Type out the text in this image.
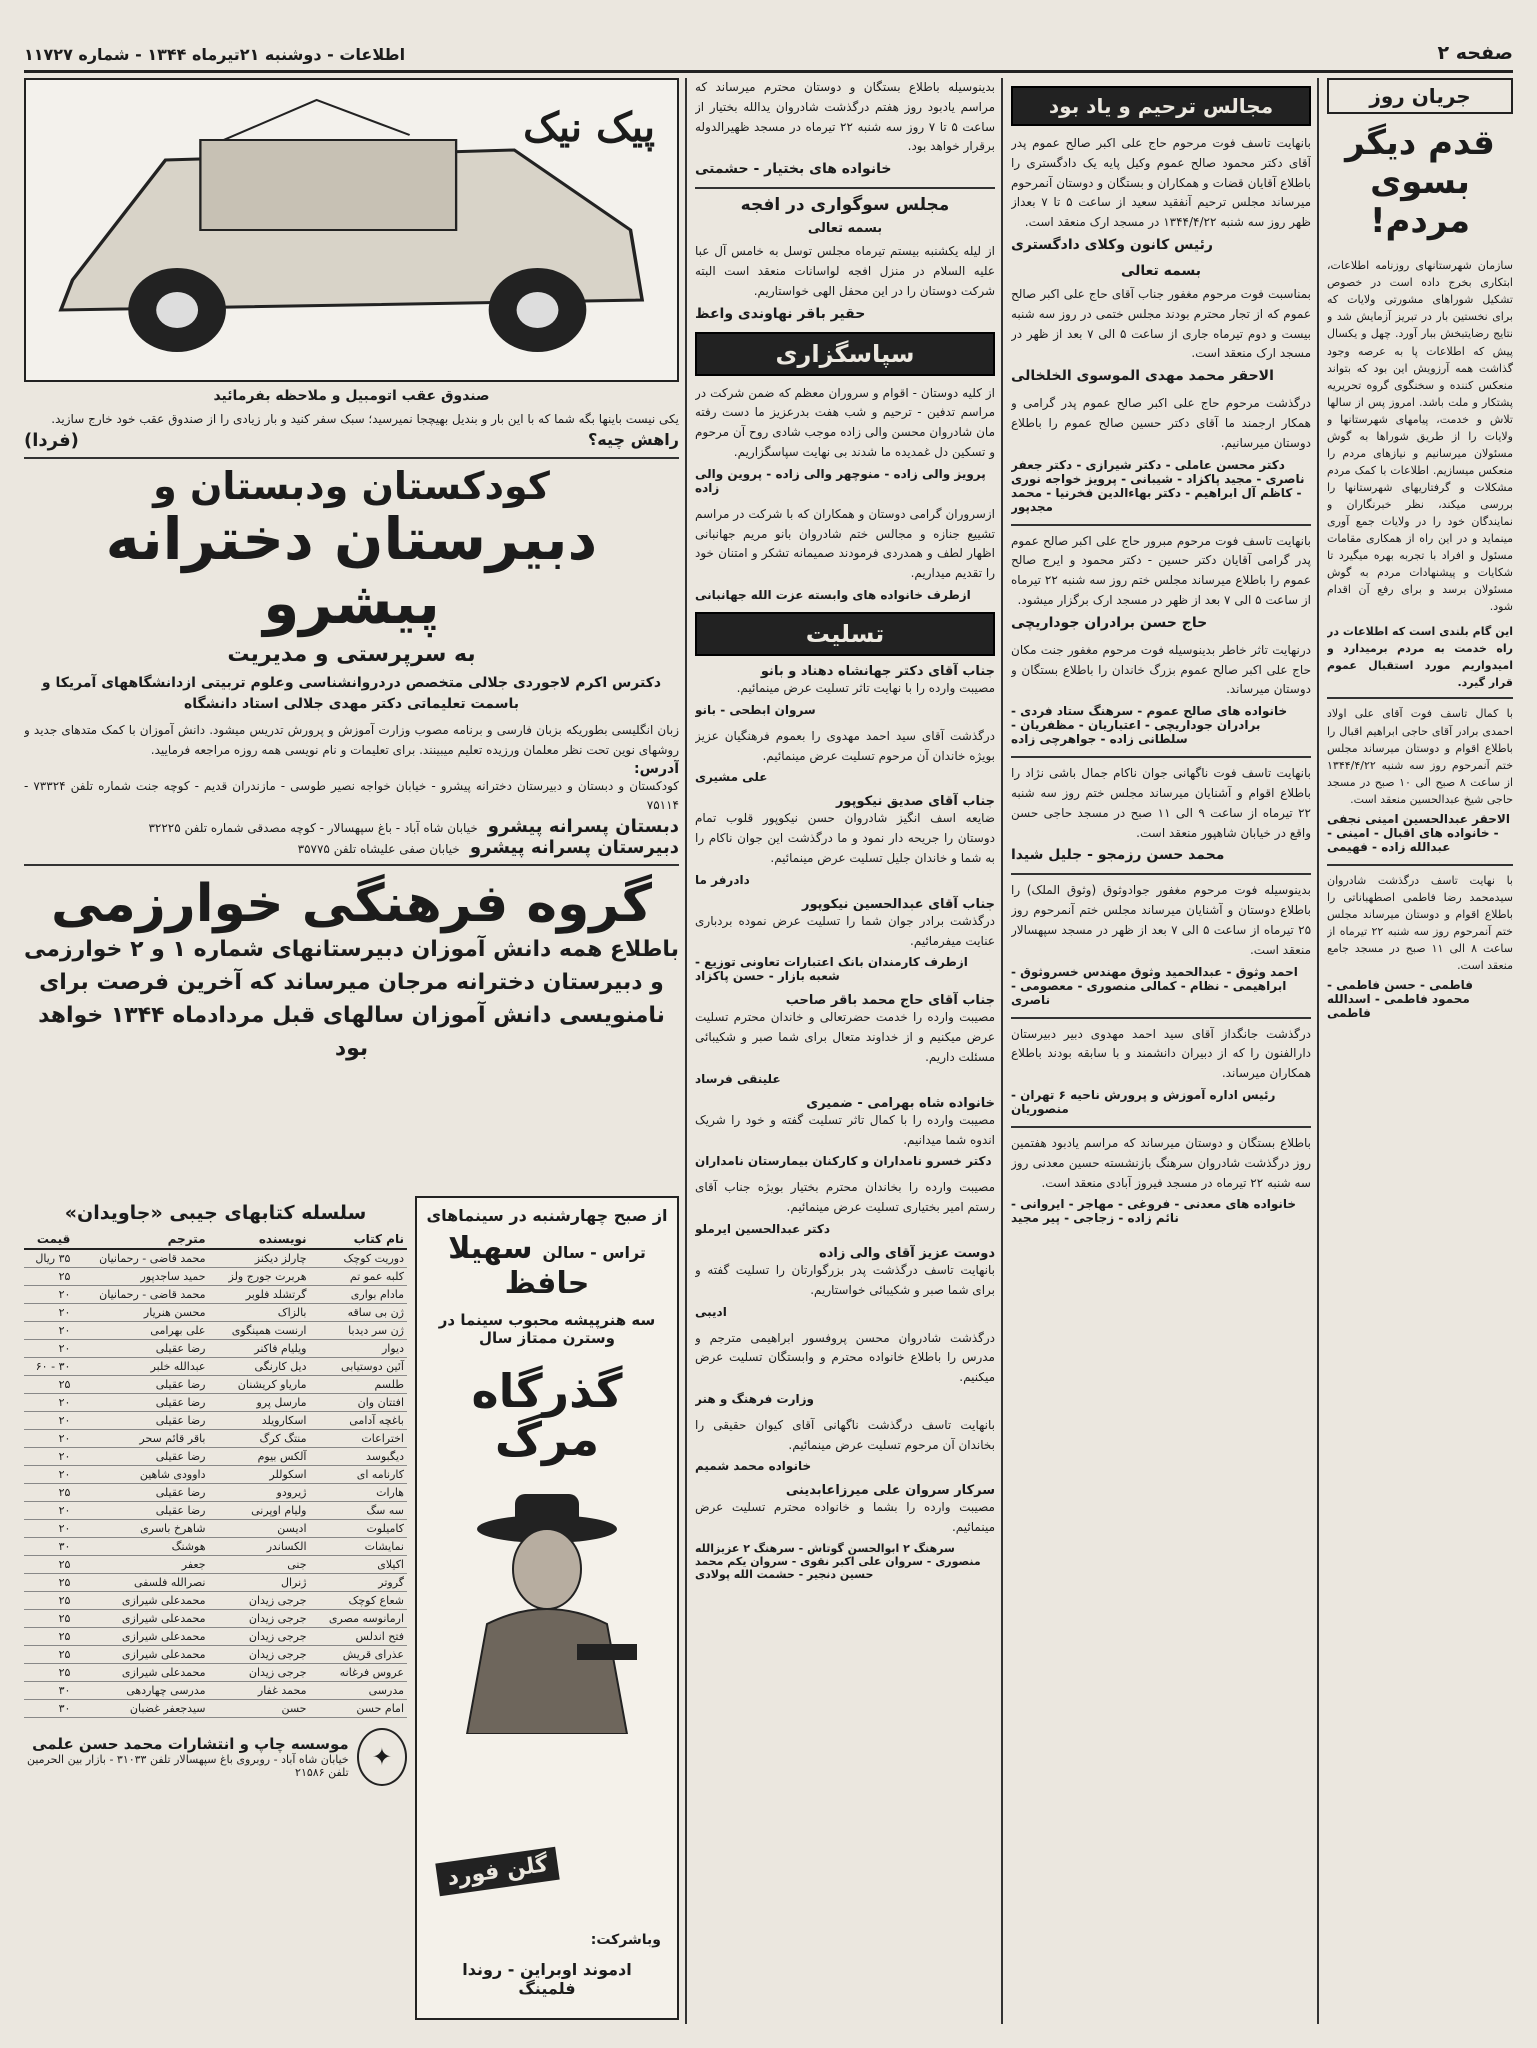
صفحه ۲
اطلاعات - دوشنبه ۲۱تیرماه ۱۳۴۴ - شماره ۱۱۷۲۷
جریان روز
قدم دیگر بسوی مردم!
سازمان شهرستانهای روزنامه اطلاعات، ابتکاری بخرج داده است در خصوص تشکیل شوراهای مشورتی ولایات که برای نخستین بار در تبریز آزمایش شد و نتایج رضایتبخش ببار آورد. چهل و یکسال پیش که اطلاعات پا به عرصه وجود گذاشت همه آرزویش این بود که بتواند منعکس کننده و سخنگوی گروه تحریریه پشتکار و ملت باشد. امروز پس از سالها تلاش و خدمت، پیامهای شهرستانها و ولایات را از طریق شوراها به گوش مسئولان میرسانیم و نیازهای مردم را منعکس میسازیم. اطلاعات با کمک مردم مشکلات و گرفتاریهای شهرستانها را بررسی میکند، نظر خبرنگاران و نمایندگان خود را در ولایات جمع آوری مینماید و در این راه از همکاری مقامات مسئول و افراد با تجربه بهره میگیرد تا شکایات و پیشنهادات مردم به گوش مسئولان برسد و برای رفع آن اقدام شود.
این گام بلندی است که اطلاعات در راه خدمت به مردم برمیدارد و امیدواریم مورد استقبال عموم قرار گیرد.
با کمال تاسف فوت آقای علی اولاد احمدی برادر آقای حاجی ابراهیم اقبال را باطلاع اقوام و دوستان میرساند مجلس ختم آنمرحوم روز سه شنبه ۱۳۴۴/۴/۲۲ از ساعت ۸ صبح الی ۱۰ صبح در مسجد حاجی شیخ عبدالحسین منعقد است.
الاحقر عبدالحسین امینی نجفی - خانواده های اقبال - امینی - عبدالله زاده - فهیمی
با نهایت تاسف درگذشت شادروان سیدمحمد رضا فاطمی اصطهباناتی را باطلاع اقوام و دوستان میرساند مجلس ختم آنمرحوم روز سه شنبه ۲۲ تیرماه از ساعت ۸ الی ۱۱ صبح در مسجد جامع منعقد است.
فاطمی - حسن فاطمی - محمود فاطمی - اسدالله فاطمی
مجالس ترحیم و یاد بود
بانهایت تاسف فوت مرحوم حاج علی اکبر صالح عموم پدر آقای دکتر محمود صالح عموم وکیل پایه یک دادگستری را باطلاع آقایان قضات و همکاران و بستگان و دوستان آنمرحوم میرساند مجلس ترحیم آنفقید سعید از ساعت ۵ تا ۷ بعداز ظهر روز سه شنبه ۱۳۴۴/۴/۲۲ در مسجد ارک منعقد است.
رئیس کانون وکلای دادگستری
بسمه تعالی
بمناسبت فوت مرحوم مغفور جناب آقای حاج علی اکبر صالح عموم که از تجار محترم بودند مجلس ختمی در روز سه شنبه بیست و دوم تیرماه جاری از ساعت ۵ الی ۷ بعد از ظهر در مسجد ارک منعقد است.
الاحقر محمد مهدی الموسوی الخلخالی
درگذشت مرحوم حاج علی اکبر صالح عموم پدر گرامی و همکار ارجمند ما آقای دکتر حسین صالح عموم را باطلاع دوستان میرسانیم.
دکتر محسن عاملی - دکتر شیرازی - دکتر جعفر ناصری - مجید پاکزاد - شیبانی - پرویز خواجه نوری - کاظم آل ابراهیم - دکتر بهاءالدین فخرنیا - محمد مجدپور
بانهایت تاسف فوت مرحوم مبرور حاج علی اکبر صالح عموم پدر گرامی آقایان دکتر حسین - دکتر محمود و ایرج صالح عموم را باطلاع میرساند مجلس ختم روز سه شنبه ۲۲ تیرماه از ساعت ۵ الی ۷ بعد از ظهر در مسجد ارک برگزار میشود.
حاج حسن برادران جوداریچی
درنهایت تاثر خاطر بدینوسیله فوت مرحوم مغفور جنت مکان حاج علی اکبر صالح عموم بزرگ خاندان را باطلاع بستگان و دوستان میرساند.
خانواده های صالح عموم - سرهنگ ستاد فردی - برادران جوداریچی - اعتباریان - مظفریان - سلطانی زاده - جواهرچی زاده
بانهایت تاسف فوت ناگهانی جوان ناکام جمال باشی نژاد را باطلاع اقوام و آشنایان میرساند مجلس ختم روز سه شنبه ۲۲ تیرماه از ساعت ۹ الی ۱۱ صبح در مسجد حاجی حسن واقع در خیابان شاهپور منعقد است.
محمد حسن رزمجو - جلیل شیدا
بدینوسیله فوت مرحوم مغفور جوادوثوق (وثوق الملک) را باطلاع دوستان و آشنایان میرساند مجلس ختم آنمرحوم روز ۲۵ تیرماه از ساعت ۵ الی ۷ بعد از ظهر در مسجد سپهسالار منعقد است.
احمد وثوق - عبدالحمید وثوق مهندس خسروثوق - ابراهیمی - نظام - کمالی منصوری - معصومی - ناصری
درگذشت جانگداز آقای سید احمد مهدوی دبیر دبیرستان دارالفنون را که از دبیران دانشمند و با سابقه بودند باطلاع همکاران میرساند.
رئیس اداره آموزش و پرورش ناحیه ۶ تهران - منصوریان
باطلاع بستگان و دوستان میرساند که مراسم یادبود هفتمین روز درگذشت شادروان سرهنگ بازنشسته حسین معدنی روز سه شنبه ۲۲ تیرماه در مسجد فیروز آبادی منعقد است.
خانواده های معدنی - فروغی - مهاجر - ایروانی - نائم زاده - زجاجی - پیر مجید
بدینوسیله باطلاع بستگان و دوستان محترم میرساند که مراسم یادبود روز هفتم درگذشت شادروان یدالله بختیار از ساعت ۵ تا ۷ روز سه شنبه ۲۲ تیرماه در مسجد ظهیرالدوله برقرار خواهد بود.
خانواده های بختیار - حشمتی
مجلس سوگواری در افجه
بسمه تعالی
از لیله یکشنبه بیستم تیرماه مجلس توسل به خامس آل عبا علیه السلام در منزل افجه لواسانات منعقد است البته شرکت دوستان را در این محفل الهی خواستاریم.
حقیر باقر نهاوندی واعظ
سپاسگزاری
از کلیه دوستان - اقوام و سروران معظم که ضمن شرکت در مراسم تدفین - ترحیم و شب هفت بدرعزیز ما دست رفته مان شادروان محسن والی زاده موجب شادی روح آن مرحوم و تسکین دل غمدیده ما شدند بی نهایت سپاسگزاریم.
پرویز والی زاده - منوچهر والی زاده - پروین والی زاده
ازسروران گرامی دوستان و همکاران که با شرکت در مراسم تشییع جنازه و مجالس ختم شادروان بانو مریم جهانبانی اظهار لطف و همدردی فرمودند صمیمانه تشکر و امتنان خود را تقدیم میداریم.
ازطرف خانواده های وابسته عزت الله جهانبانی
تسلیت
جناب آقای دکتر جهانشاه دهناد و بانو
مصیبت وارده را با نهایت تاثر تسلیت عرض مینمائیم.
سروان ابطحی - بانو
درگذشت آقای سید احمد مهدوی را بعموم فرهنگیان عزیز بویژه خاندان آن مرحوم تسلیت عرض مینمائیم.
علی مشیری
جناب آقای صدیق نیکوپور
ضایعه اسف انگیز شادروان حسن نیکوپور قلوب تمام دوستان را جریحه دار نمود و ما درگذشت این جوان ناکام را به شما و خاندان جلیل تسلیت عرض مینمائیم.
دادرفر ما
جناب آقای عبدالحسین نیکوپور
درگذشت برادر جوان شما را تسلیت عرض نموده بردباری عنایت میفرمائیم.
ازطرف کارمندان بانک اعتبارات تعاونی توزیع - شعبه بازار - حسن پاکزاد
جناب آقای حاج محمد باقر صاحب
مصیبت وارده را خدمت حضرتعالی و خاندان محترم تسلیت عرض میکنیم و از خداوند متعال برای شما صبر و شکیبائی مسئلت داریم.
علینقی فرساد
خانواده شاه بهرامی - ضمیری
مصیبت وارده را با کمال تاثر تسلیت گفته و خود را شریک اندوه شما میدانیم.
دکتر خسرو نامداران و کارکنان بیمارستان نامداران
مصیبت وارده را بخاندان محترم بختیار بویژه جناب آقای رستم امیر بختیاری تسلیت عرض مینمائیم.
دکتر عبدالحسین ایرملو
دوست عزیز آقای والی زاده
بانهایت تاسف درگذشت پدر بزرگوارتان را تسلیت گفته و برای شما صبر و شکیبائی خواستاریم.
ادیبی
درگذشت شادروان محسن پروفسور ابراهیمی مترجم و مدرس را باطلاع خانواده محترم و وابستگان تسلیت عرض میکنیم.
وزارت فرهنگ و هنر
بانهایت تاسف درگذشت ناگهانی آقای کیوان حقیقی را بخاندان آن مرحوم تسلیت عرض مینمائیم.
خانواده محمد شمیم
سرکار سروان علی میرزاعابدینی
مصیبت وارده را بشما و خانواده محترم تسلیت عرض مینمائیم.
سرهنگ ۲ ابوالحسن گوتاش - سرهنگ ۲ عزیزالله منصوری - سروان علی اکبر نقوی - سروان یکم محمد حسین دنجیر - حشمت الله پولادی
پیک نیک
صندوق عقب اتومبیل و ملاحظه بفرمائید
یکی نیست باینها بگه شما که با این بار و بندیل بهیچجا نمیرسید؛ سبک سفر کنید و بار زیادی را از صندوق عقب خود خارج سازید.
راهش چیه؟
(فردا)
کودکستان ودبستان و
دبیرستان دخترانه پیشرو
به سرپرستی و مدیریت
دکترس اکرم لاجوردی جلالی متخصص دردروانشناسی وعلوم تربیتی ازدانشگاههای آمریکا و باسمت تعلیماتی دکتر مهدی جلالی استاد دانشگاه
زبان انگلیسی بطوریکه بزبان فارسی و برنامه مصوب وزارت آموزش و پرورش تدریس میشود. دانش آموزان با کمک متدهای جدید و روشهای نوین تحت نظر معلمان ورزیده تعلیم میبینند. برای تعلیمات و نام نویسی همه روزه مراجعه فرمایید.
آدرس:
کودکستان و دبستان و دبیرستان دخترانه پیشرو - خیابان خواجه نصیر طوسی - مازندران قدیم - کوچه جنت شماره تلفن ۷۳۳۲۴ - ۷۵۱۱۴
دبستان پسرانه پیشرو
خیابان شاه آباد - باغ سپهسالار - کوچه مصدقی شماره تلفن ۳۲۲۲۵
دبیرستان پسرانه پیشرو
خیابان صفی علیشاه تلفن ۳۵۷۷۵
گروه فرهنگی خوارزمی
باطلاع همه دانش آموزان دبیرستانهای شماره ۱ و ۲ خوارزمی و دبیرستان دخترانه مرجان میرساند که آخرین فرصت برای نامنویسی دانش آموزان سالهای قبل مردادماه ۱۳۴۴ خواهد بود
سلسله کتابهای جیبی «جاویدان»
نام کتاب	نویسنده	مترجم	قیمت
دوریت کوچک	چارلز دیکنز	محمد قاضی - رحمانیان	۳۵ ریال
کلبه عمو تم	هربرت جورج ولز	حمید ساجدپور	۲۵
مادام بواری	گرتشلد فلوبر	محمد قاضی - رحمانیان	۲۰
ژن بی ساقه	بالزاک	محسن هنریار	۲۰
ژن سر دیدبا	ارنست همینگوی	علی بهرامی	۲۰
دیوار	ویلیام فاکنر	رضا عقیلی	۲۰
آئین دوستیابی	دیل کارنگی	عبدالله خلبر	۳۰ - ۶۰
طلسم	ماریاو کریشنان	رضا عقیلی	۲۵
افتتان وان	مارسل پرو	رضا عقیلی	۲۰
باغچه آدامی	اسکارویلد	رضا عقیلی	۲۰
اختراعات	منتگ کرگ	باقر قائم سحر	۲۰
دیگبوسد	آلکس بیوم	رضا عقیلی	۲۰
کارنامه ای	اسکوللر	داوودی شاهین	۲۰
هارات	ژیرودو	رضا عقیلی	۲۵
سه سگ	ولیام اوپرنی	رضا عقیلی	۲۰
کامیلوت	ادیسن	شاهرخ باسری	۲۰
نمایشات	الکساندر	هوشنگ	۳۰
اکیلای	جنی	جعفر	۲۵
گروتر	ژنرال	نصرالله فلسفی	۲۵
شعاع کوچک	جرجی زیدان	محمدعلی شیرازی	۲۵
ارمانوسه مصری	جرجی زیدان	محمدعلی شیرازی	۲۵
فتح اندلس	جرجی زیدان	محمدعلی شیرازی	۲۵
عذرای قریش	جرجی زیدان	محمدعلی شیرازی	۲۵
عروس فرغانه	جرجی زیدان	محمدعلی شیرازی	۲۵
مدرسی	محمد غفار	مدرسی چهاردهی	۳۰
امام حسن	حسن	سیدجعفر غضبان	۳۰
✦
موسسه چاپ و انتشارات محمد حسن علمی
خیابان شاه آباد - روبروی باغ سپهسالار تلفن ۳۱۰۳۳ - بازار بین الحرمین تلفن ۲۱۵۸۶
از صبح چهارشنبه در سینماهای
تراس - سالن
سهیلا
حافظ
سه هنرپیشه محبوب سینما در وسترن ممتاز سال
گذرگاه
مرگ
گلن فورد
وباشرکت:
ادموند اوبراین - روندا فلمینگ
